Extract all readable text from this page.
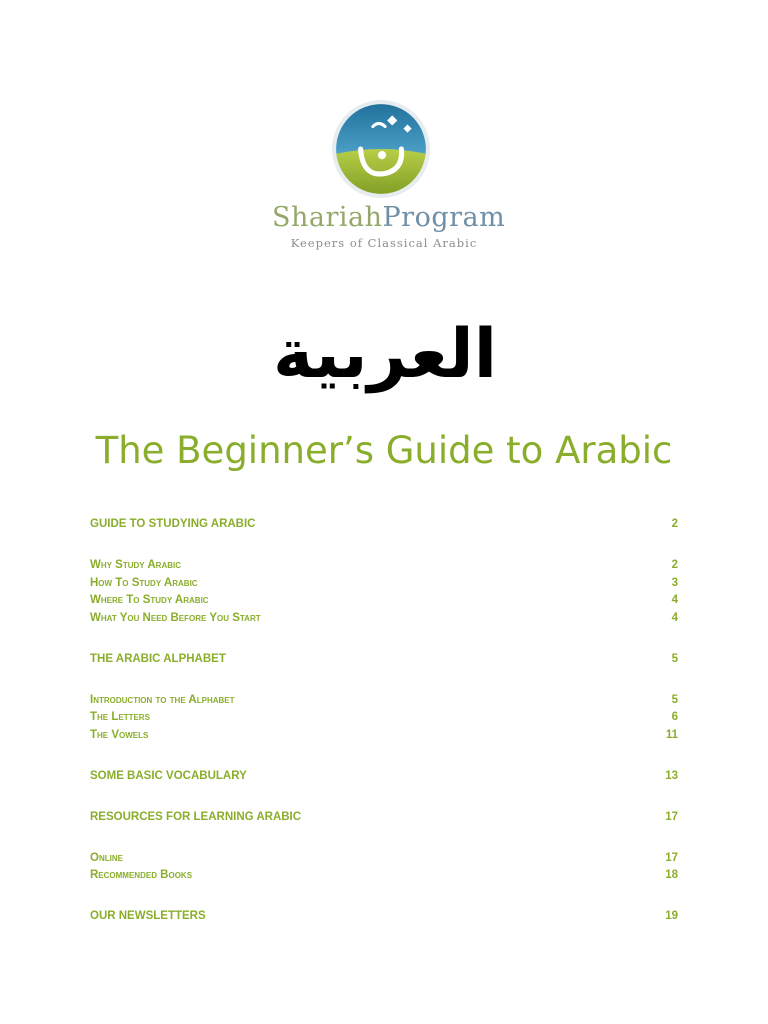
ShariahProgram
Keepers of Classical Arabic
العربية
The Beginner’s Guide to Arabic
GUIDE TO STUDYING ARABIC	2
Why Study Arabic	2
How To Study Arabic	3
Where To Study Arabic	4
What You Need Before You Start	4
THE ARABIC ALPHABET	5
Introduction to the Alphabet	5
The Letters	6
The Vowels	11
SOME BASIC VOCABULARY	13
RESOURCES FOR LEARNING ARABIC	17
Online	17
Recommended Books	18
OUR NEWSLETTERS	19
